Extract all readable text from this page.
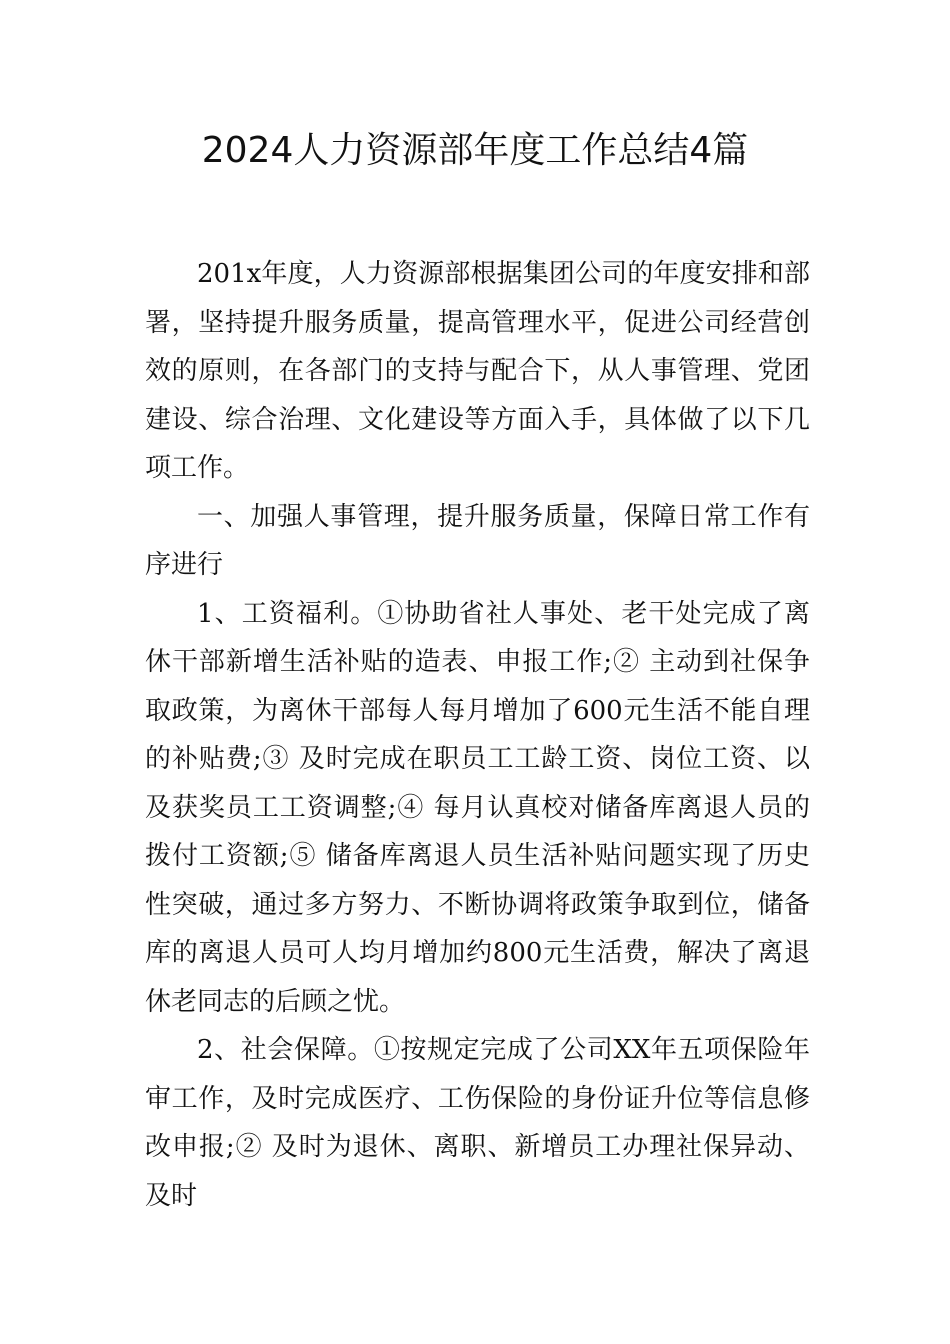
2024人力资源部年度工作总结4篇

201x年度，人力资源部根据集团公司的年度安排和部署，坚持提升服务质量，提高管理水平，促进公司经营创效的原则，在各部门的支持与配合下，从人事管理、党团建设、综合治理、文化建设等方面入手，具体做了以下几项工作。

一、加强人事管理，提升服务质量，保障日常工作有序进行

1、工资福利。①协助省社人事处、老干处完成了离休干部新增生活补贴的造表、申报工作;② 主动到社保争取政策，为离休干部每人每月增加了600元生活不能自理的补贴费;③ 及时完成在职员工工龄工资、岗位工资、以及获奖员工工资调整;④ 每月认真校对储备库离退人员的拨付工资额;⑤ 储备库离退人员生活补贴问题实现了历史性突破，通过多方努力、不断协调将政策争取到位，储备库的离退人员可人均月增加约800元生活费，解决了离退休老同志的后顾之忧。

2、社会保障。①按规定完成了公司XX年五项保险年审工作，及时完成医疗、工伤保险的身份证升位等信息修改申报;② 及时为退休、离职、新增员工办理社保异动、及时
